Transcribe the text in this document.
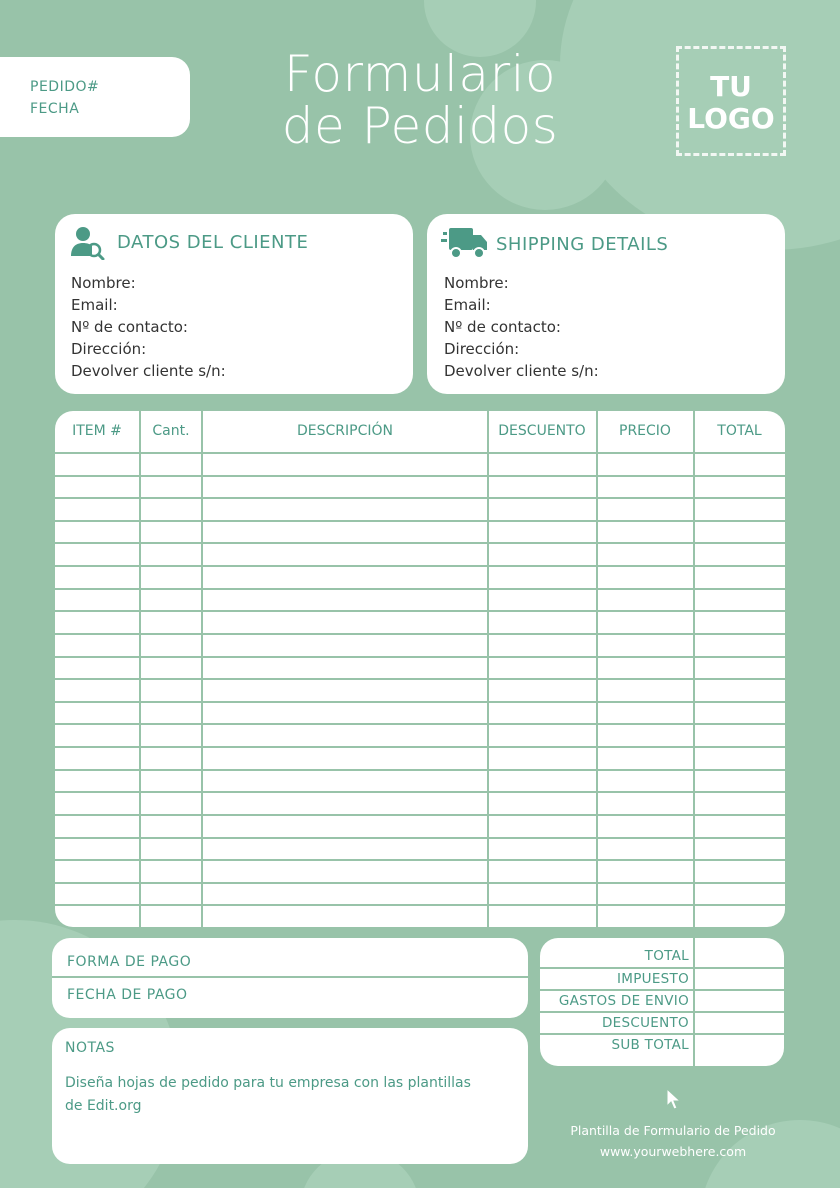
PEDIDO#
FECHA
Formulario
de Pedidos
TU
LOGO
DATOS DEL CLIENTE
Nombre:
Email:
Nº de contacto:
Dirección:
Devolver cliente s/n:
SHIPPING DETAILS
Nombre:
Email:
Nº de contacto:
Dirección:
Devolver cliente s/n:
ITEM #	Cant.	DESCRIPCIÓN	DESCUENTO	PRECIO	TOTAL
FORMA DE PAGO
FECHA DE PAGO
TOTAL
IMPUESTO
GASTOS DE ENVIO
DESCUENTO
SUB TOTAL
NOTAS
Diseña hojas de pedido para tu empresa con las plantillas de Edit.org
Plantilla de Formulario de Pedido
www.yourwebhere.com
